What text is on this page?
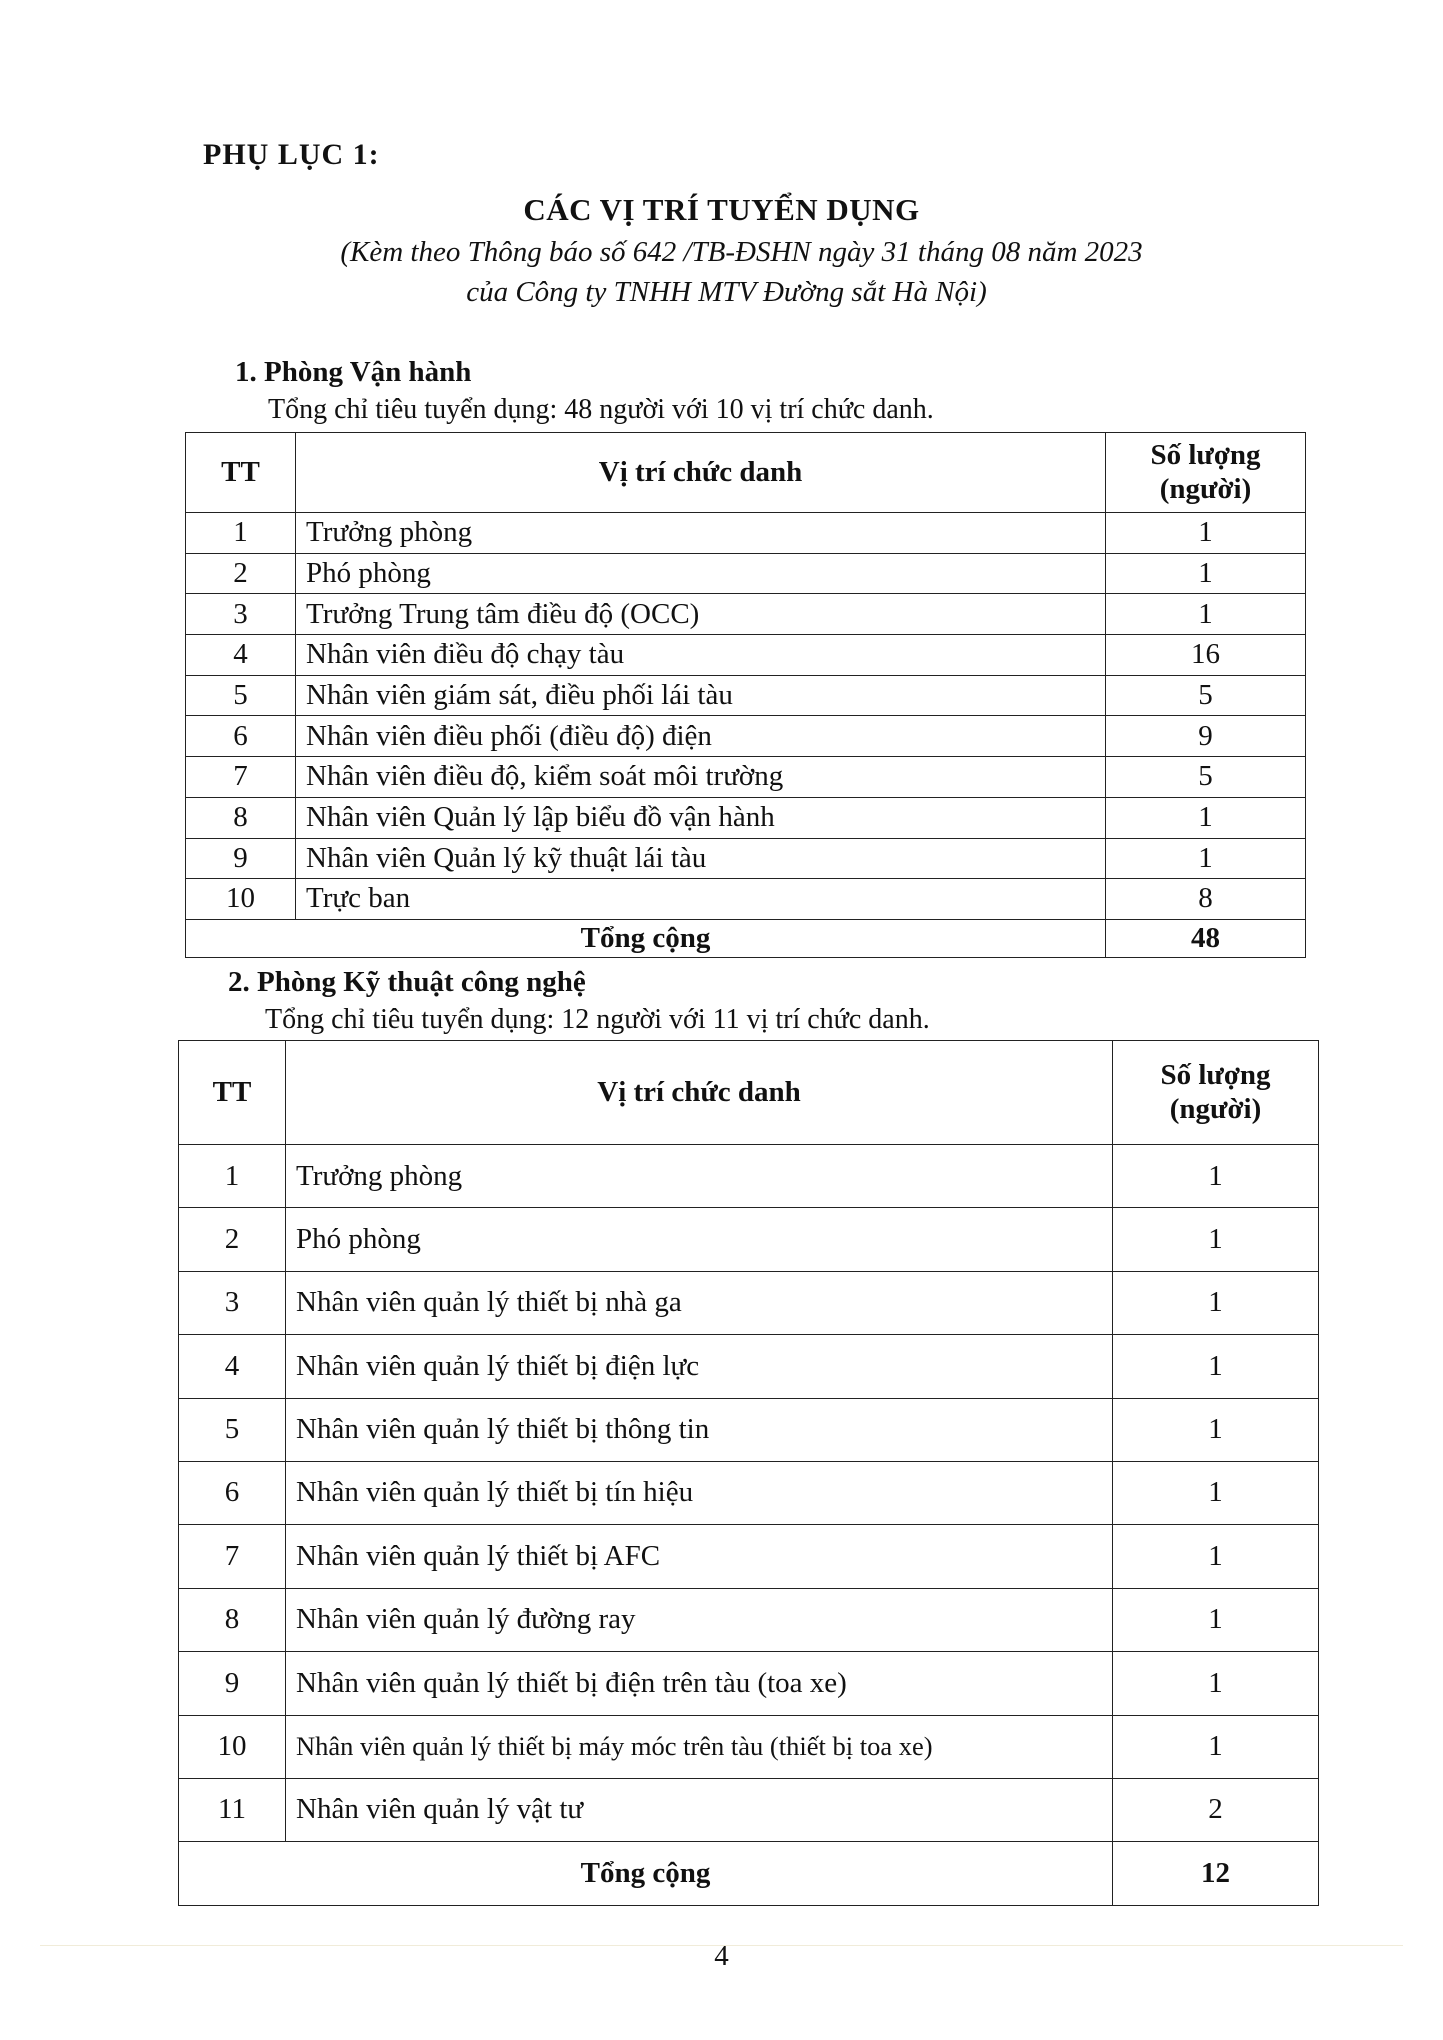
PHỤ LỤC 1:
CÁC VỊ TRÍ TUYỂN DỤNG
(Kèm theo Thông báo số 642 /TB-ĐSHN ngày 31 tháng 08 năm 2023
của Công ty TNHH MTV Đường sắt Hà Nội)
1. Phòng Vận hành
Tổng chỉ tiêu tuyển dụng: 48 người với 10 vị trí chức danh.
TT	Vị trí chức danh	Số lượng
(người)

1	Trưởng phòng	1
2	Phó phòng	1
3	Trưởng Trung tâm điều độ (OCC)	1
4	Nhân viên điều độ chạy tàu	16
5	Nhân viên giám sát, điều phối lái tàu	5
6	Nhân viên điều phối (điều độ) điện	9
7	Nhân viên điều độ, kiểm soát môi trường	5
8	Nhân viên Quản lý lập biểu đồ vận hành	1
9	Nhân viên Quản lý kỹ thuật lái tàu	1
10	Trực ban	8
Tổng cộng		48
2. Phòng Kỹ thuật công nghệ
Tổng chỉ tiêu tuyển dụng: 12 người với 11 vị trí chức danh.
TT	Vị trí chức danh	Số lượng
(người)

1	Trưởng phòng	1
2	Phó phòng	1
3	Nhân viên quản lý thiết bị nhà ga	1
4	Nhân viên quản lý thiết bị điện lực	1
5	Nhân viên quản lý thiết bị thông tin	1
6	Nhân viên quản lý thiết bị tín hiệu	1
7	Nhân viên quản lý thiết bị AFC	1
8	Nhân viên quản lý đường ray	1
9	Nhân viên quản lý thiết bị điện trên tàu (toa xe)	1
10	Nhân viên quản lý thiết bị máy móc trên tàu (thiết bị toa xe)	1
11	Nhân viên quản lý vật tư	2
Tổng cộng		12
4
